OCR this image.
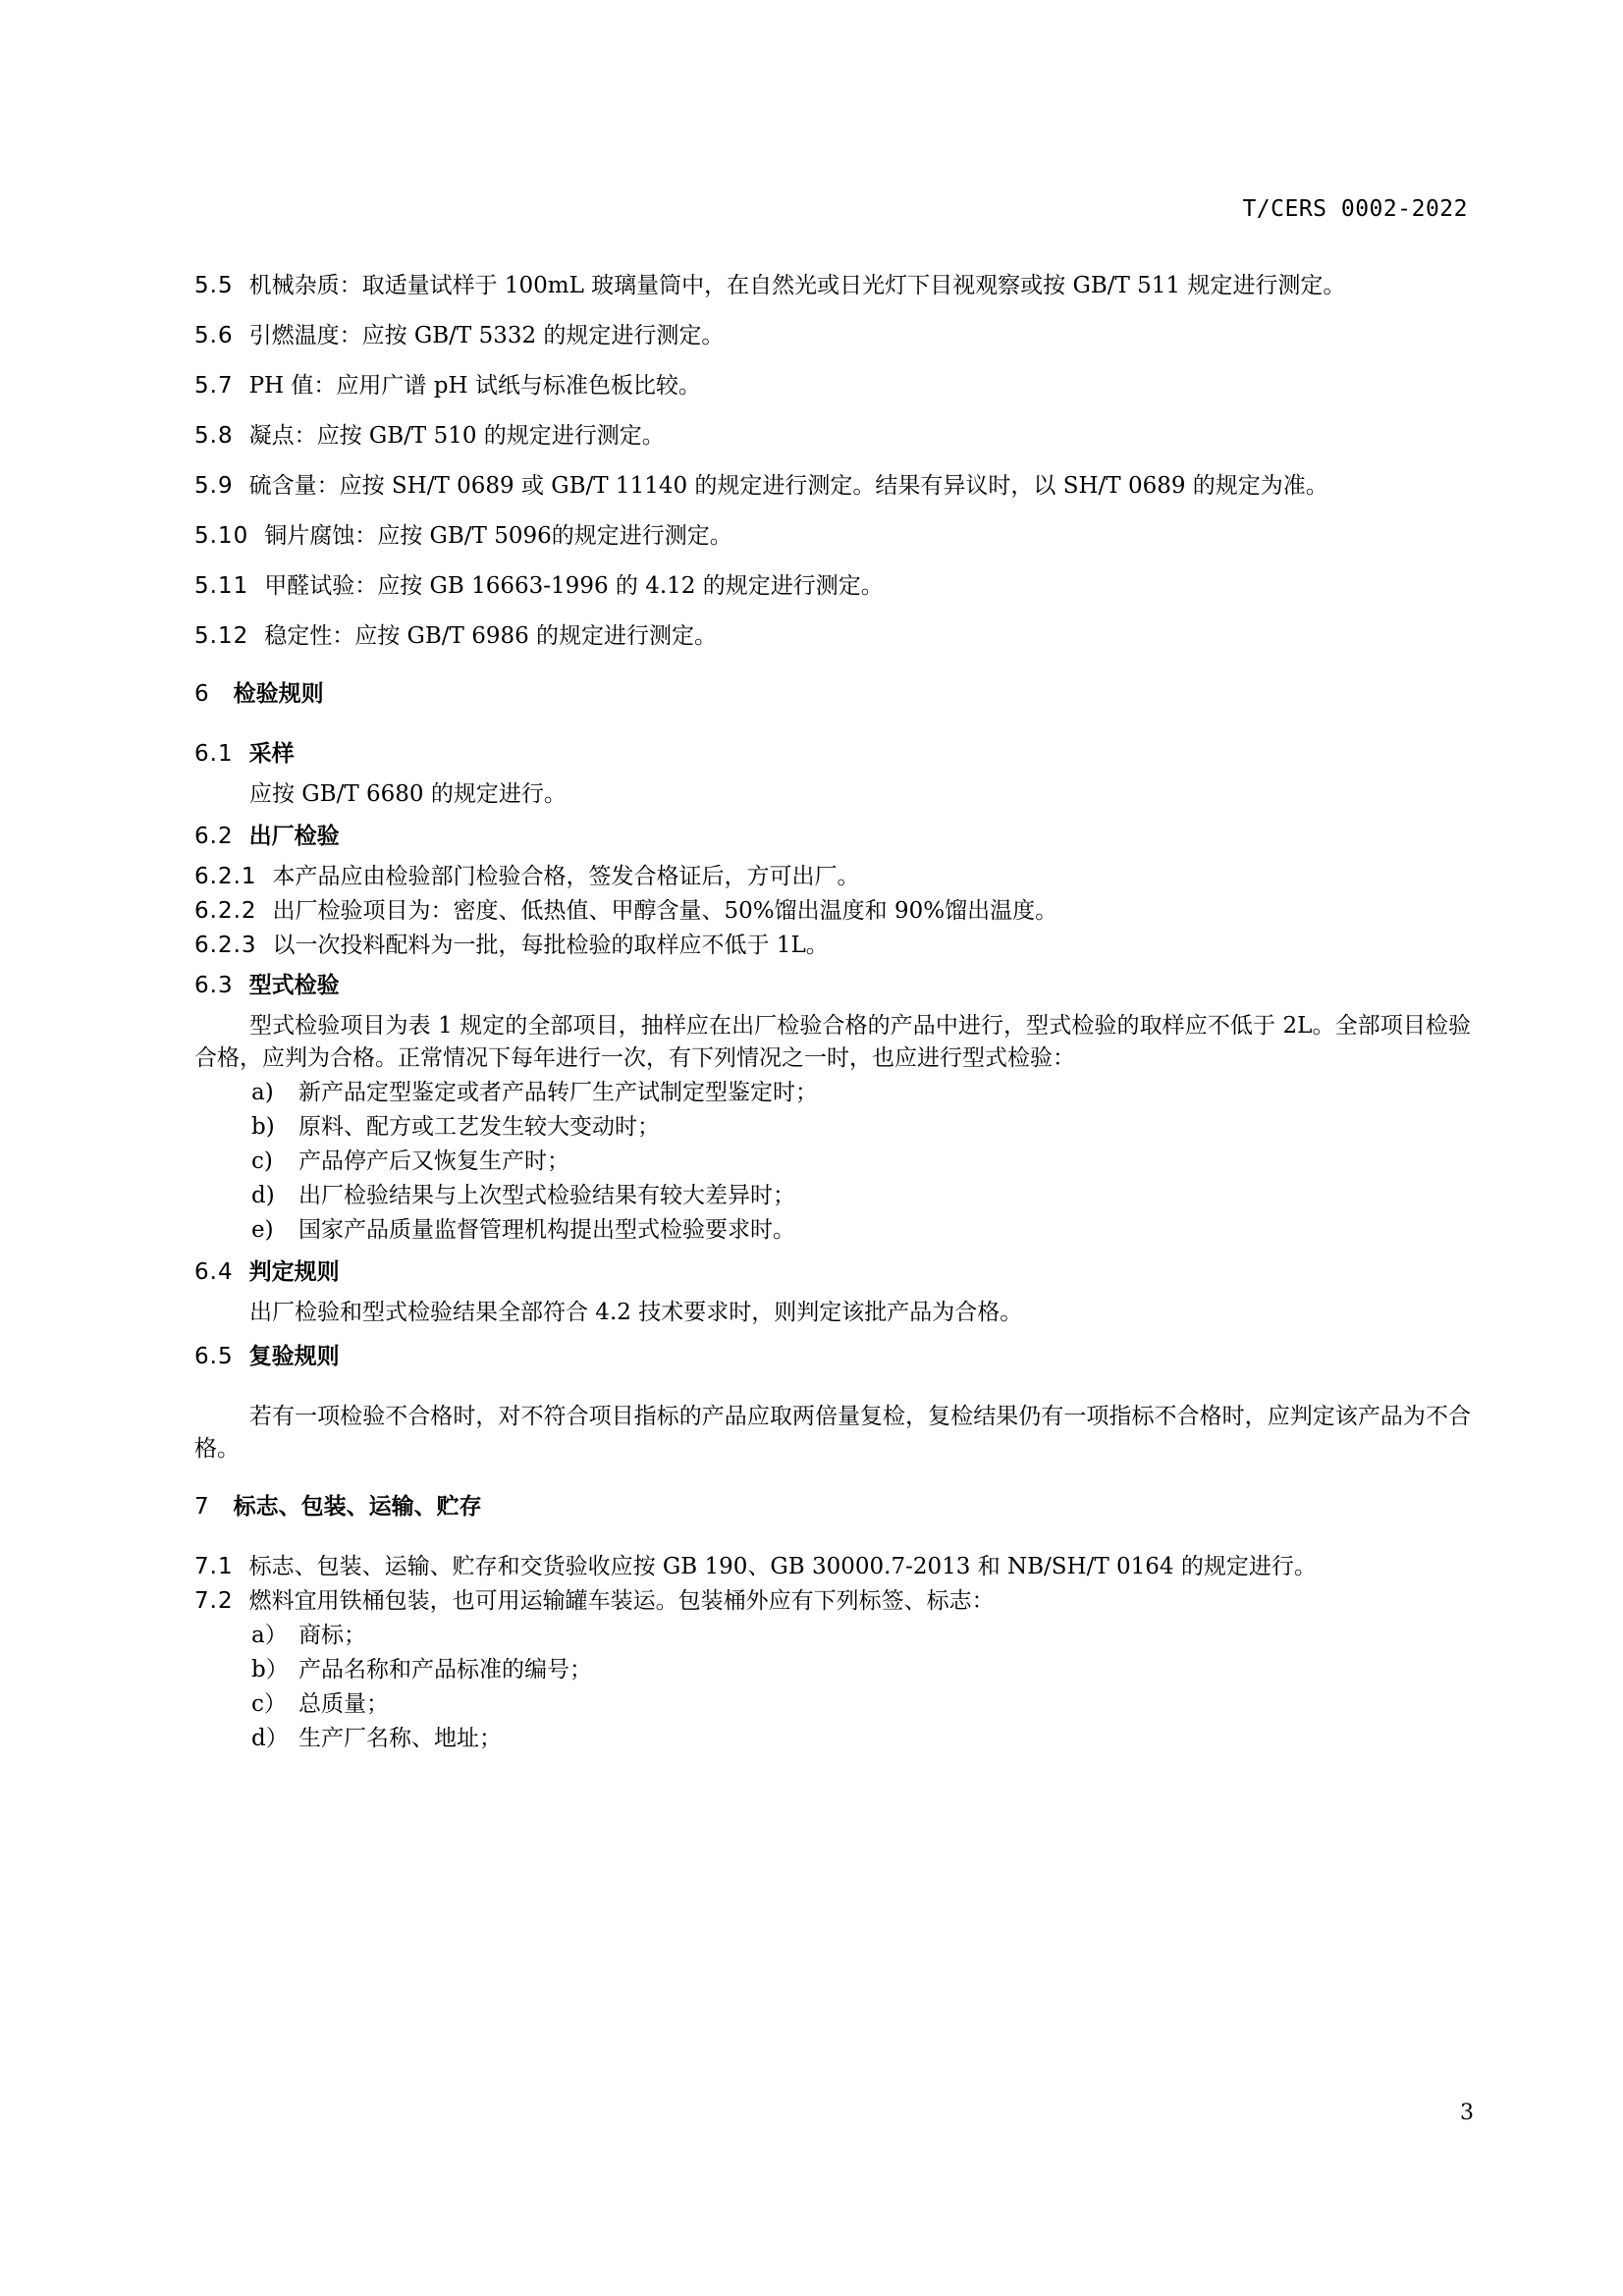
T/CERS 0002-2022

5.5 机械杂质：取适量试样于 100mL 玻璃量筒中，在自然光或日光灯下目视观察或按 GB/T 511 规定进行测定。

5.6 引燃温度：应按 GB/T 5332 的规定进行测定。

5.7 PH 值：应用广谱 pH 试纸与标准色板比较。

5.8 凝点：应按 GB/T 510 的规定进行测定。

5.9 硫含量：应按 SH/T 0689 或 GB/T 11140 的规定进行测定。结果有异议时，以 SH/T 0689 的规定为准。

5.10 铜片腐蚀：应按 GB/T 5096的规定进行测定。

5.11 甲醛试验：应按 GB 16663-1996 的 4.12 的规定进行测定。

5.12 稳定性：应按 GB/T 6986 的规定进行测定。

6 检验规则
6.1 采样

应按 GB/T 6680 的规定进行。

6.2 出厂检验

6.2.1 本产品应由检验部门检验合格，签发合格证后，方可出厂。

6.2.2 出厂检验项目为：密度、低热值、甲醇含量、50%馏出温度和 90%馏出温度。

6.2.3 以一次投料配料为一批，每批检验的取样应不低于 1L。

6.3 型式检验

型式检验项目为表 1 规定的全部项目，抽样应在出厂检验合格的产品中进行，型式检验的取样应不低于 2L。全部项目检验合格，应判为合格。正常情况下每年进行一次，有下列情况之一时，也应进行型式检验：

a) 新产品定型鉴定或者产品转厂生产试制定型鉴定时；
b) 原料、配方或工艺发生较大变动时；
c) 产品停产后又恢复生产时；
d) 出厂检验结果与上次型式检验结果有较大差异时；
e) 国家产品质量监督管理机构提出型式检验要求时。
6.4 判定规则

出厂检验和型式检验结果全部符合 4.2 技术要求时，则判定该批产品为合格。

6.5 复验规则

若有一项检验不合格时，对不符合项目指标的产品应取两倍量复检，复检结果仍有一项指标不合格时，应判定该产品为不合格。

7 标志、包装、运输、贮存

7.1 标志、包装、运输、贮存和交货验收应按 GB 190、GB 30000.7-2013 和 NB/SH/T 0164 的规定进行。

7.2 燃料宜用铁桶包装，也可用运输罐车装运。包装桶外应有下列标签、标志：

a） 商标；
b） 产品名称和产品标准的编号；
c） 总质量；
d） 生产厂名称、地址；
3
